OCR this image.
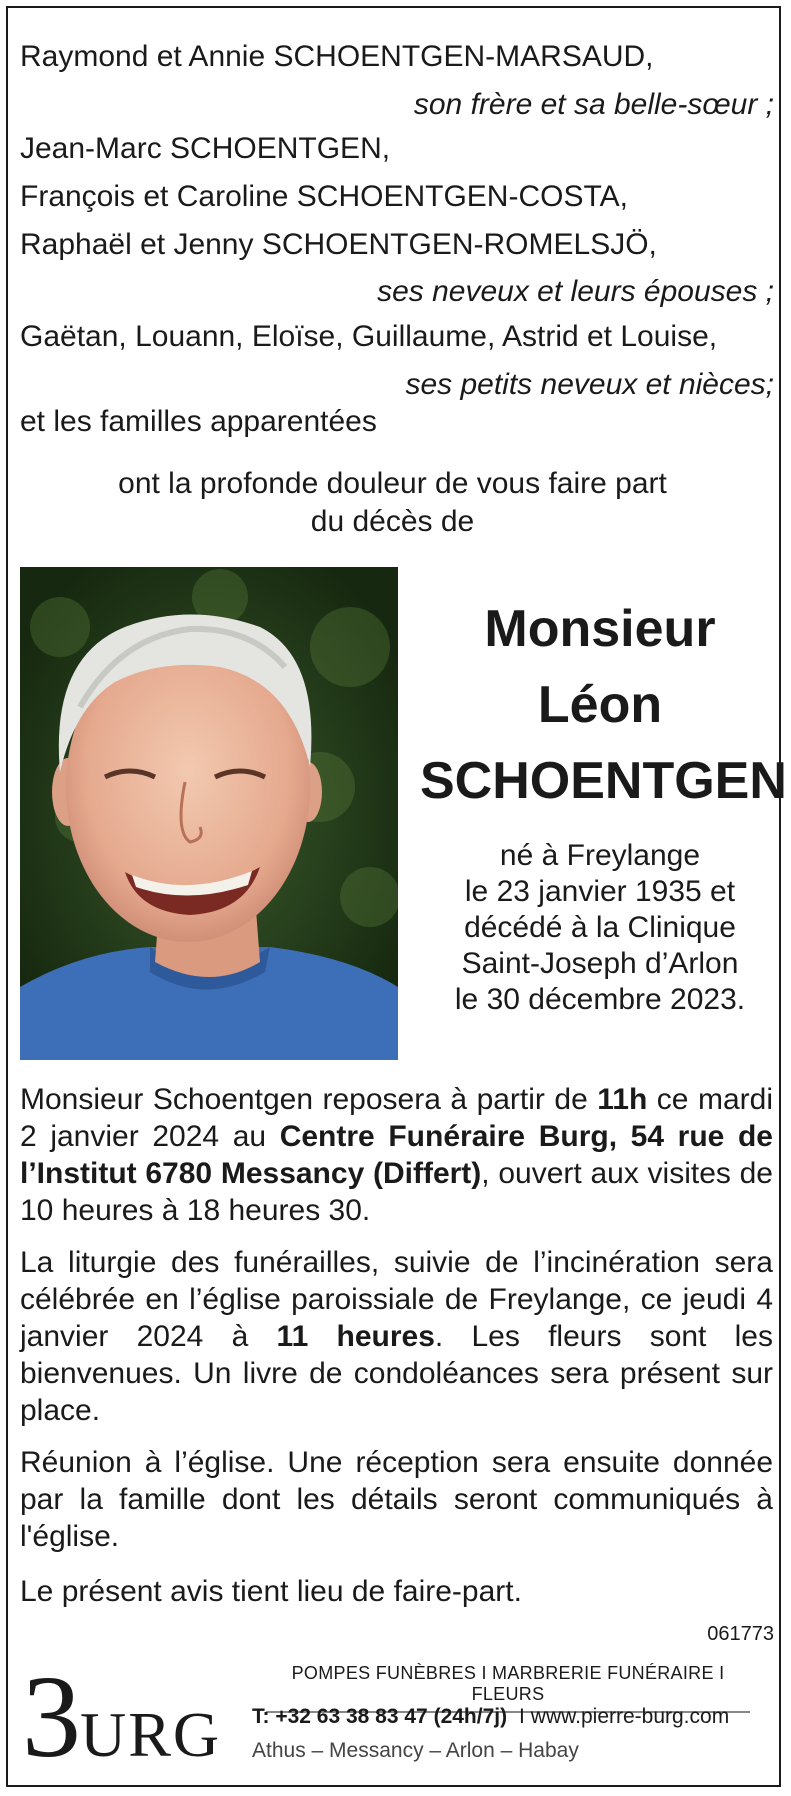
Raymond et Annie SCHOENTGEN-MARSAUD,
son frère et sa belle-sœur ;
Jean-Marc SCHOENTGEN,
François et Caroline SCHOENTGEN-COSTA,
Raphaël et Jenny SCHOENTGEN-ROMELSJÖ,
ses neveux et leurs épouses ;
Gaëtan, Louann, Eloïse, Guillaume, Astrid et Louise,
ses petits neveux et nièces;
et les familles apparentées
ont la profonde douleur de vous faire part
du décès de
Monsieur
Léon
SCHOENTGEN
né à Freylange
le 23 janvier 1935 et
décédé à la Clinique
Saint-Joseph d’Arlon
le 30 décembre 2023.
Monsieur Schoentgen reposera à partir de 11h ce mardi 2 janvier 2024 au Centre Funéraire Burg, 54 rue de l’Institut 6780 Messancy (Differt), ouvert aux visites de 10 heures à 18 heures 30.
La liturgie des funérailles, suivie de l’incinération sera célébrée en l’église paroissiale de Freylange, ce jeudi 4 janvier 2024 à 11 heures. Les fleurs sont les bienvenues. Un livre de condoléances sera présent sur place.
Réunion à l’église. Une réception sera ensuite donnée par la famille dont les détails seront communiqués à l'église.
Le présent avis tient lieu de faire-part.
061773
3 URG
POMPES FUNÈBRES I MARBRERIE FUNÉRAIRE I FLEURS
T: +32 63 38 83 47 (24h/7j) I www.pierre-burg.com
Athus – Messancy – Arlon – Habay
